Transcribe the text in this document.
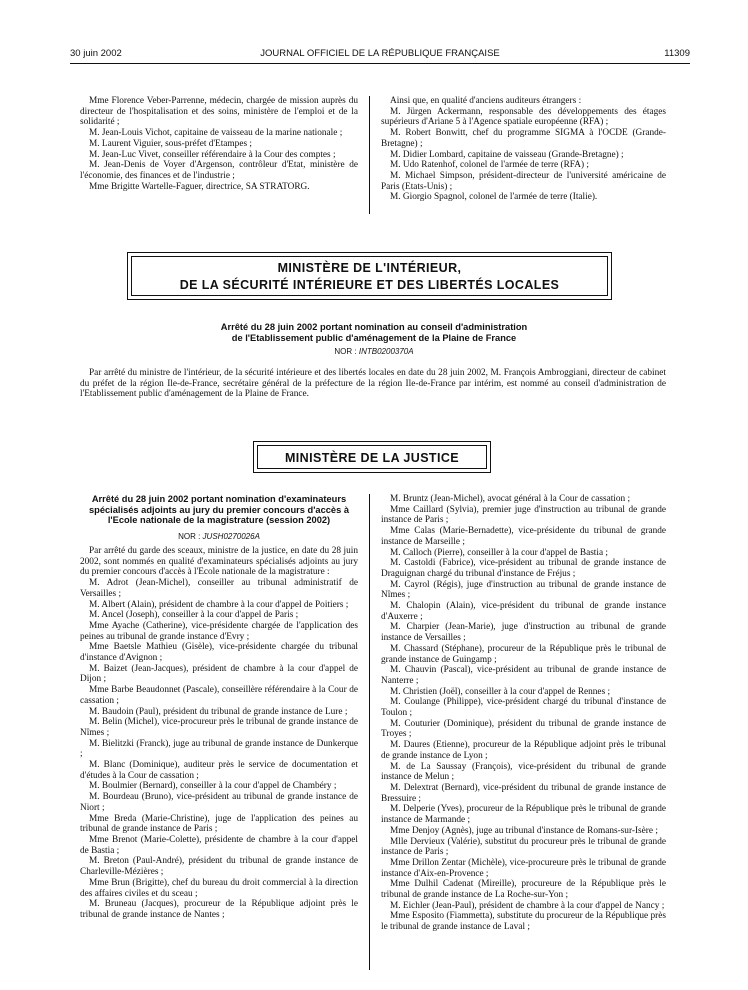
30 juin 2002	JOURNAL OFFICIEL DE LA RÉPUBLIQUE FRANÇAISE	11309

Mme Florence Veber-Parrenne, médecin, chargée de mission auprès du directeur de l'hospitalisation et des soins, ministère de l'emploi et de la solidarité ;

M. Jean-Louis Vichot, capitaine de vaisseau de la marine nationale ;

M. Laurent Viguier, sous-préfet d'Etampes ;

M. Jean-Luc Vivet, conseiller référendaire à la Cour des comptes ;

M. Jean-Denis de Voyer d'Argenson, contrôleur d'Etat, ministère de l'économie, des finances et de l'industrie ;

Mme Brigitte Wartelle-Faguer, directrice, SA STRATORG.

Ainsi que, en qualité d'anciens auditeurs étrangers :

M. Jürgen Ackermann, responsable des développements des étages supérieurs d'Ariane 5 à l'Agence spatiale européenne (RFA) ;

M. Robert Bonwitt, chef du programme SIGMA à l'OCDE (Grande-Bretagne) ;

M. Didier Lombard, capitaine de vaisseau (Grande-Bretagne) ;

M. Udo Ratenhof, colonel de l'armée de terre (RFA) ;

M. Michael Simpson, président-directeur de l'université américaine de Paris (Etats-Unis) ;

M. Giorgio Spagnol, colonel de l'armée de terre (Italie).

MINISTÈRE DE L'INTÉRIEUR,
DE LA SÉCURITÉ INTÉRIEURE ET DES LIBERTÉS LOCALES
Arrêté du 28 juin 2002 portant nomination au conseil d'administration
de l'Etablissement public d'aménagement de la Plaine de France
NOR : INTB0200370A
Par arrêté du ministre de l'intérieur, de la sécurité intérieure et des libertés locales en date du 28 juin 2002, M. François Ambroggiani, directeur de cabinet du préfet de la région Ile-de-France, secrétaire général de la préfecture de la région Ile-de-France par intérim, est nommé au conseil d'administration de l'Etablissement public d'aménagement de la Plaine de France.
MINISTÈRE DE LA JUSTICE
Arrêté du 28 juin 2002 portant nomination d'examinateurs spécialisés adjoints au jury du premier concours d'accès à l'Ecole nationale de la magistrature (session 2002)
NOR : JUSH0270026A

Par arrêté du garde des sceaux, ministre de la justice, en date du 28 juin 2002, sont nommés en qualité d'examinateurs spécialisés adjoints au jury du premier concours d'accès à l'Ecole nationale de la magistrature :

M. Adrot (Jean-Michel), conseiller au tribunal administratif de Versailles ;

M. Albert (Alain), président de chambre à la cour d'appel de Poitiers ;

M. Ancel (Joseph), conseiller à la cour d'appel de Paris ;

Mme Ayache (Catherine), vice-présidente chargée de l'application des peines au tribunal de grande instance d'Evry ;

Mme Baetsle Mathieu (Gisèle), vice-présidente chargée du tribunal d'instance d'Avignon ;

M. Baizet (Jean-Jacques), président de chambre à la cour d'appel de Dijon ;

Mme Barbe Beaudonnet (Pascale), conseillère référendaire à la Cour de cassation ;

M. Baudoin (Paul), président du tribunal de grande instance de Lure ;

M. Belin (Michel), vice-procureur près le tribunal de grande instance de Nîmes ;

M. Bielitzki (Franck), juge au tribunal de grande instance de Dunkerque ;

M. Blanc (Dominique), auditeur près le service de documentation et d'études à la Cour de cassation ;

M. Boulmier (Bernard), conseiller à la cour d'appel de Chambéry ;

M. Bourdeau (Bruno), vice-président au tribunal de grande instance de Niort ;

Mme Breda (Marie-Christine), juge de l'application des peines au tribunal de grande instance de Paris ;

Mme Brenot (Marie-Colette), présidente de chambre à la cour d'appel de Bastia ;

M. Breton (Paul-André), président du tribunal de grande instance de Charleville-Mézières ;

Mme Brun (Brigitte), chef du bureau du droit commercial à la direction des affaires civiles et du sceau ;

M. Bruneau (Jacques), procureur de la République adjoint près le tribunal de grande instance de Nantes ;

M. Bruntz (Jean-Michel), avocat général à la Cour de cassation ;

Mme Caillard (Sylvia), premier juge d'instruction au tribunal de grande instance de Paris ;

Mme Calas (Marie-Bernadette), vice-présidente du tribunal de grande instance de Marseille ;

M. Calloch (Pierre), conseiller à la cour d'appel de Bastia ;

M. Castoldi (Fabrice), vice-président au tribunal de grande instance de Draguignan chargé du tribunal d'instance de Fréjus ;

M. Cayrol (Régis), juge d'instruction au tribunal de grande instance de Nîmes ;

M. Chalopin (Alain), vice-président du tribunal de grande instance d'Auxerre ;

M. Charpier (Jean-Marie), juge d'instruction au tribunal de grande instance de Versailles ;

M. Chassard (Stéphane), procureur de la République près le tribunal de grande instance de Guingamp ;

M. Chauvin (Pascal), vice-président au tribunal de grande instance de Nanterre ;

M. Christien (Joël), conseiller à la cour d'appel de Rennes ;

M. Coulange (Philippe), vice-président chargé du tribunal d'instance de Toulon ;

M. Couturier (Dominique), président du tribunal de grande instance de Troyes ;

M. Daures (Etienne), procureur de la République adjoint près le tribunal de grande instance de Lyon ;

M. de La Saussay (François), vice-président du tribunal de grande instance de Melun ;

M. Delextrat (Bernard), vice-président du tribunal de grande instance de Bressuire ;

M. Delperie (Yves), procureur de la République près le tribunal de grande instance de Marmande ;

Mme Denjoy (Agnès), juge au tribunal d'instance de Romans-sur-Isère ;

Mlle Dervieux (Valérie), substitut du procureur près le tribunal de grande instance de Paris ;

Mme Drillon Zentar (Michèle), vice-procureure près le tribunal de grande instance d'Aix-en-Provence ;

Mme Dulhil Cadenat (Mireille), procureure de la République près le tribunal de grande instance de La Roche-sur-Yon ;

M. Eichler (Jean-Paul), président de chambre à la cour d'appel de Nancy ;

Mme Esposito (Fiammetta), substitute du procureur de la République près le tribunal de grande instance de Laval ;
